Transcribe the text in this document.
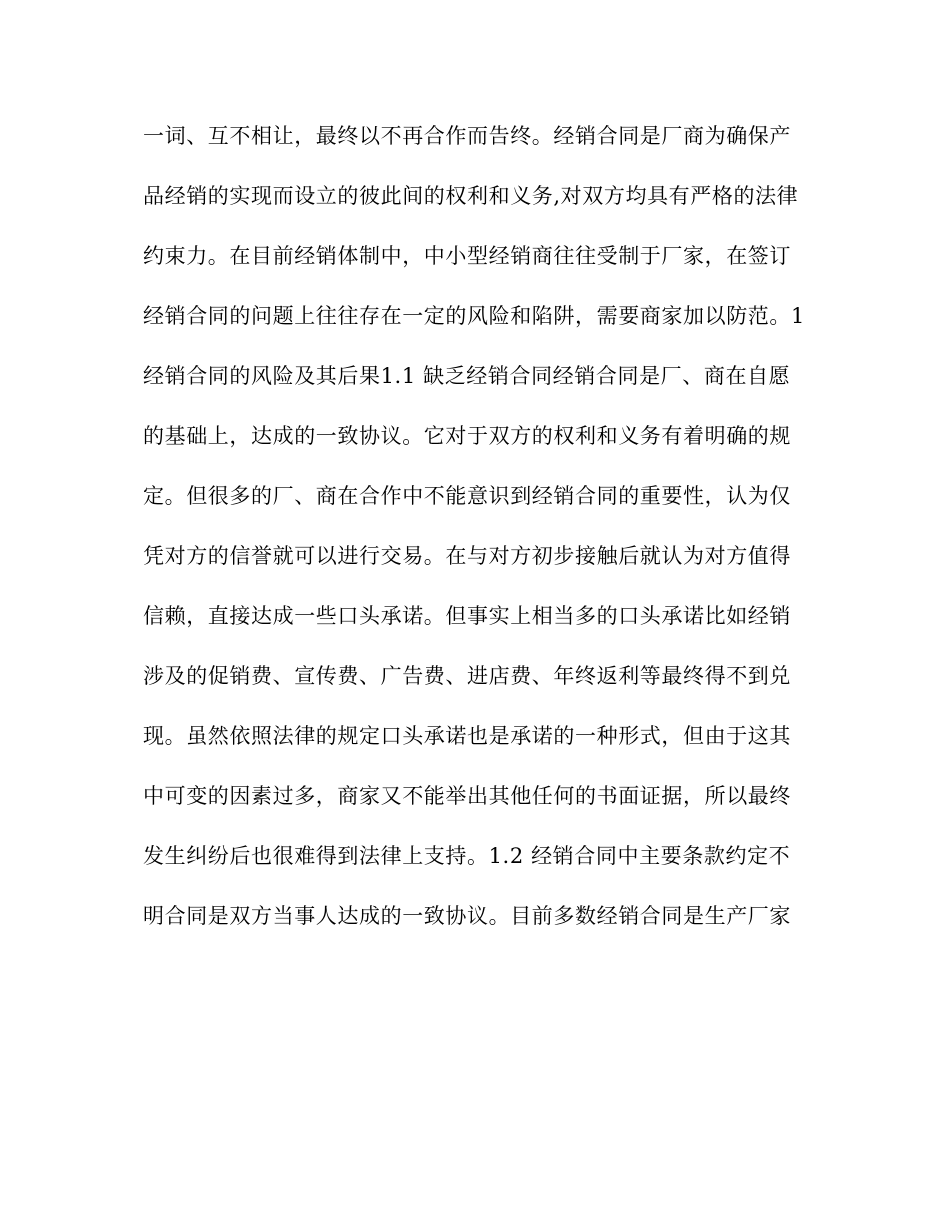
一词、互不相让，最终以不再合作而告终。经销合同是厂商为确保产
品经销的实现而设立的彼此间的权利和义务,对双方均具有严格的法律
约束力。在目前经销体制中，中小型经销商往往受制于厂家，在签订
经销合同的问题上往往存在一定的风险和陷阱，需要商家加以防范。1
经销合同的风险及其后果1.1 缺乏经销合同经销合同是厂、商在自愿
的基础上，达成的一致协议。它对于双方的权利和义务有着明确的规
定。但很多的厂、商在合作中不能意识到经销合同的重要性，认为仅
凭对方的信誉就可以进行交易。在与对方初步接触后就认为对方值得
信赖，直接达成一些口头承诺。但事实上相当多的口头承诺比如经销
涉及的促销费、宣传费、广告费、进店费、年终返利等最终得不到兑
现。虽然依照法律的规定口头承诺也是承诺的一种形式，但由于这其
中可变的因素过多，商家又不能举出其他任何的书面证据，所以最终
发生纠纷后也很难得到法律上支持。1.2 经销合同中主要条款约定不
明合同是双方当事人达成的一致协议。目前多数经销合同是生产厂家
